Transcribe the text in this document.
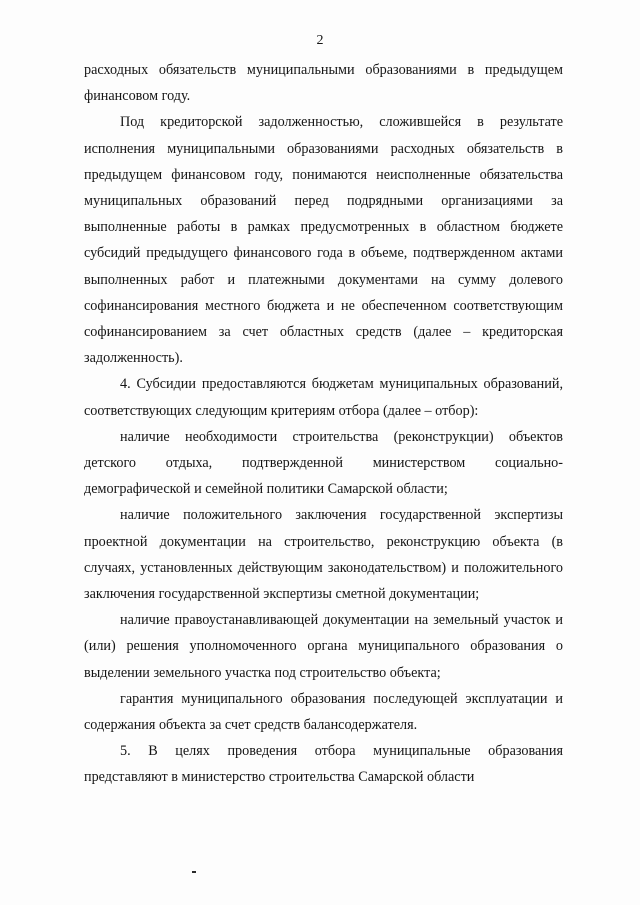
2

расходных обязательств муниципальными образованиями в предыдущем финансовом году.

Под кредиторской задолженностью, сложившейся в результате исполнения муниципальными образованиями расходных обязательств в предыдущем финансовом году, понимаются неисполненные обязательства муниципальных образований перед подрядными организациями за выполненные работы в рамках предусмотренных в областном бюджете субсидий предыдущего финансового года в объеме, подтвержденном актами выполненных работ и платежными документами на сумму долевого софинансирования местного бюджета и не обеспеченном соответствующим софинансированием за счет областных средств (далее – кредиторская задолженность).

4. Субсидии предоставляются бюджетам муниципальных образований, соответствующих следующим критериям отбора (далее – отбор):

наличие необходимости строительства (реконструкции) объектов детского отдыха, подтвержденной министерством социально-демографической и семейной политики Самарской области;

наличие положительного заключения государственной экспертизы проектной документации на строительство, реконструкцию объекта (в случаях, установленных действующим законодательством) и положительного заключения государственной экспертизы сметной документации;

наличие правоустанавливающей документации на земельный участок и (или) решения уполномоченного органа муниципального образования о выделении земельного участка под строительство объекта;

гарантия муниципального образования последующей эксплуатации и содержания объекта за счет средств балансодержателя.

5. В целях проведения отбора муниципальные образования представляют в министерство строительства Самарской области
